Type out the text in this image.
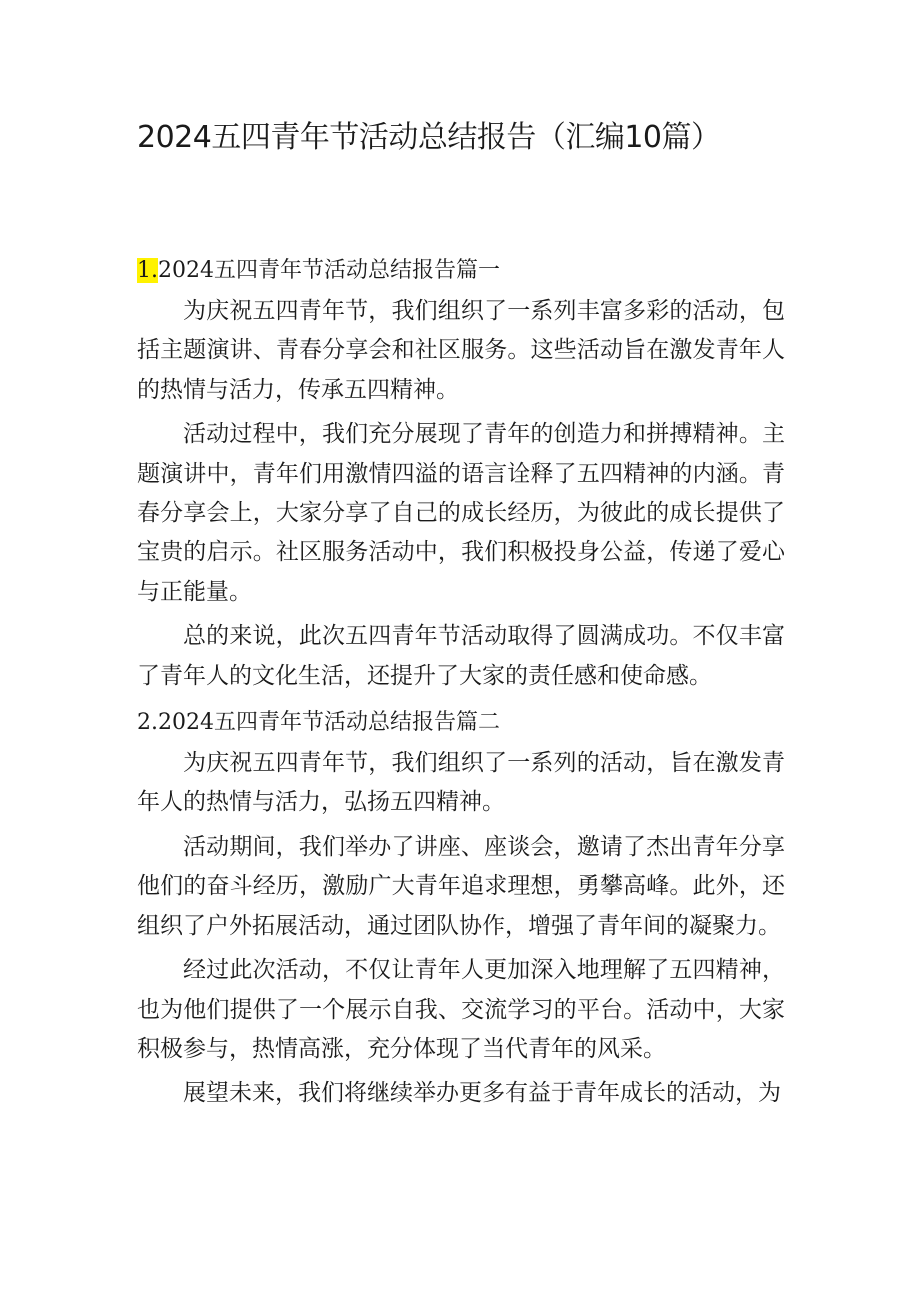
2024五四青年节活动总结报告（汇编10篇）
1.2024五四青年节活动总结报告篇一

为庆祝五四青年节，我们组织了一系列丰富多彩的活动，包括主题演讲、青春分享会和社区服务。这些活动旨在激发青年人的热情与活力，传承五四精神。

活动过程中，我们充分展现了青年的创造力和拼搏精神。主题演讲中，青年们用激情四溢的语言诠释了五四精神的内涵。青春分享会上，大家分享了自己的成长经历，为彼此的成长提供了宝贵的启示。社区服务活动中，我们积极投身公益，传递了爱心与正能量。

总的来说，此次五四青年节活动取得了圆满成功。不仅丰富了青年人的文化生活，还提升了大家的责任感和使命感。

2.2024五四青年节活动总结报告篇二

为庆祝五四青年节，我们组织了一系列的活动，旨在激发青年人的热情与活力，弘扬五四精神。

活动期间，我们举办了讲座、座谈会，邀请了杰出青年分享他们的奋斗经历，激励广大青年追求理想，勇攀高峰。此外，还组织了户外拓展活动，通过团队协作，增强了青年间的凝聚力。

经过此次活动，不仅让青年人更加深入地理解了五四精神，也为他们提供了一个展示自我、交流学习的平台。活动中，大家积极参与，热情高涨，充分体现了当代青年的风采。

展望未来，我们将继续举办更多有益于青年成长的活动，为
